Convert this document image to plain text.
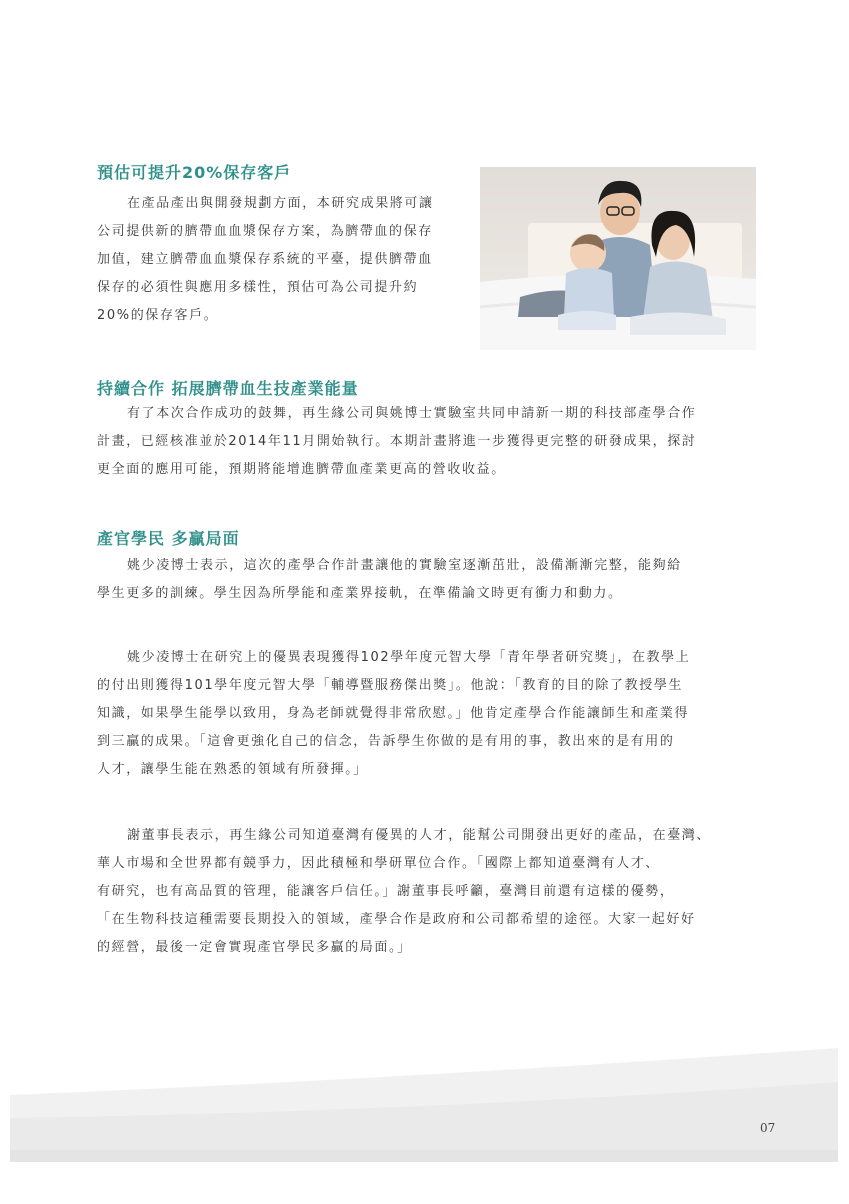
預估可提升20%保存客戶

在產品產出與開發規劃方面，本研究成果將可讓
公司提供新的臍帶血血漿保存方案，為臍帶血的保存
加值，建立臍帶血血漿保存系統的平臺，提供臍帶血
保存的必須性與應用多樣性，預估可為公司提升約
20%的保存客戶。

持續合作 拓展臍帶血生技產業能量

有了本次合作成功的鼓舞，再生緣公司與姚博士實驗室共同申請新一期的科技部產學合作
計畫，已經核准並於2014年11月開始執行。本期計畫將進一步獲得更完整的研發成果，探討
更全面的應用可能，預期將能增進臍帶血產業更高的營收收益。

產官學民 多贏局面

姚少凌博士表示，這次的產學合作計畫讓他的實驗室逐漸茁壯，設備漸漸完整，能夠給
學生更多的訓練。學生因為所學能和產業界接軌，在準備論文時更有衝力和動力。

姚少凌博士在研究上的優異表現獲得102學年度元智大學「青年學者研究獎」，在教學上
的付出則獲得101學年度元智大學「輔導暨服務傑出獎」。他說：「教育的目的除了教授學生
知識，如果學生能學以致用，身為老師就覺得非常欣慰。」他肯定產學合作能讓師生和產業得
到三贏的成果。「這會更強化自己的信念，告訴學生你做的是有用的事，教出來的是有用的
人才，讓學生能在熟悉的領域有所發揮。」

謝董事長表示，再生緣公司知道臺灣有優異的人才，能幫公司開發出更好的產品，在臺灣、
華人市場和全世界都有競爭力，因此積極和學研單位合作。「國際上都知道臺灣有人才、
有研究，也有高品質的管理，能讓客戶信任。」謝董事長呼籲，臺灣目前還有這樣的優勢，
「在生物科技這種需要長期投入的領域，產學合作是政府和公司都希望的途徑。大家一起好好
的經營，最後一定會實現產官學民多贏的局面。」

07
